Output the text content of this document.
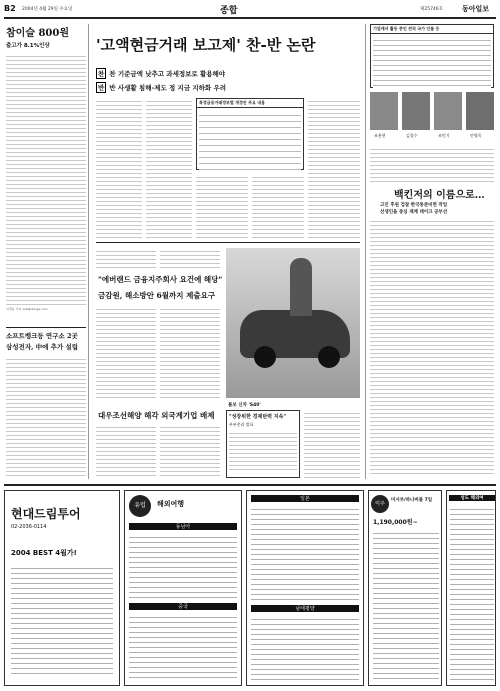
B2 2004년 4월 29일 수요일	종합	제25746호	동아일보
참이슬 800원
출고가 8.1%인상
이경윤 기자 sub@donga.com
'고액현금거래 보고제' 찬-반 논란
찬 찬 기준금액 낮추고 과세정보로 활용해야
반 반 사생활 침해-제도 정 지금 지하화 우려
특정금융거래정보법 개정안 주요 내용
기업에서 활동 중인 전직 국가 인물 등
조용현	김경수	조민기	안병욱
백킨저의 이름으로…
고인 후원 검찰 한국통준비면 작업
선생인을 중심 재계 데이크 공부선
소프트뱅크등 연구소 2곳
삼성전자, 中에 추가 설립
볼보 신차 'S40'
"에버랜드 금융지주회사 요건에 해당"
금감원, 해소방안 6월까지 제출요구
대우조선해양 해각 외국계기업 배제	"성장위한 경제탄력 지속"
부부총리 발표
현대드림투어
02-2036-0114
2004 BEST 4월가!
유럽	해외여행
동남아
중국
일본
남태평양
미주
미서부/하나버블 7일
1,190,000원~
성도 해외여
